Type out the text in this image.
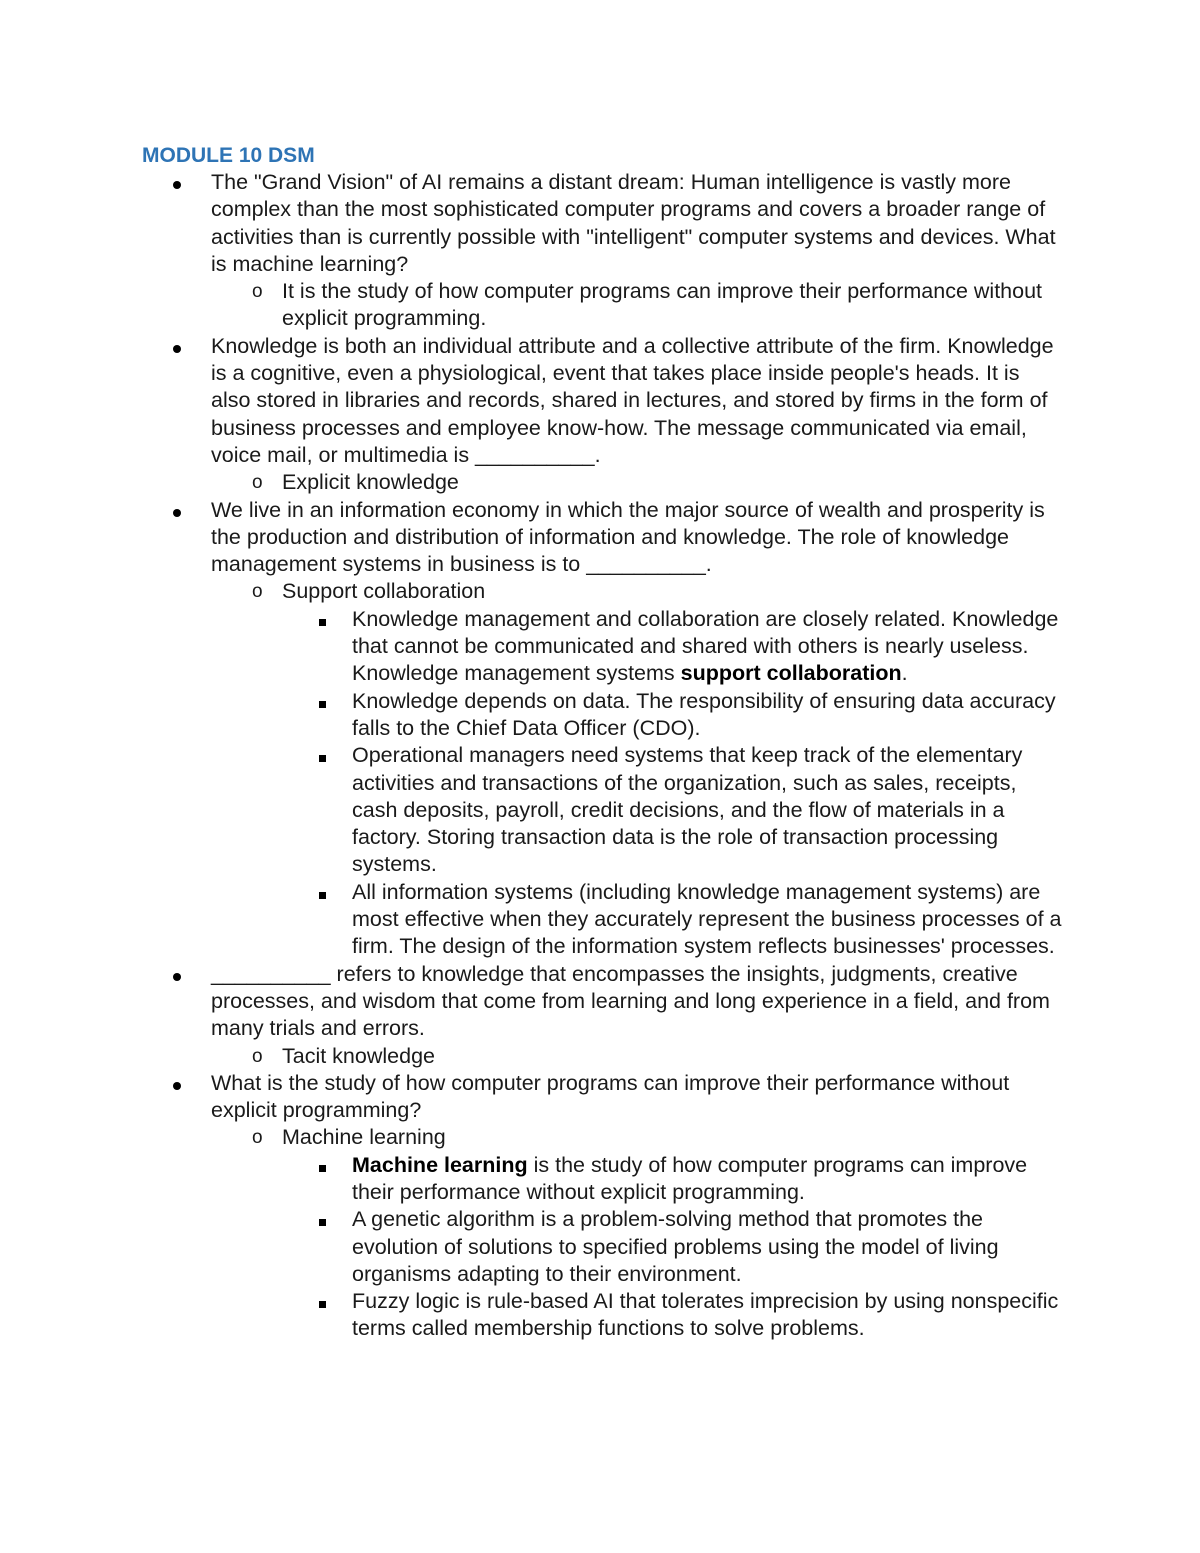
MODULE 10 DSM
The "Grand Vision" of AI remains a distant dream: Human intelligence is vastly more complex than the most sophisticated computer programs and covers a broader range of activities than is currently possible with "intelligent" computer systems and devices. What is machine learning?
o It is the study of how computer programs can improve their performance without explicit programming.
Knowledge is both an individual attribute and a collective attribute of the firm. Knowledge is a cognitive, even a physiological, event that takes place inside people's heads. It is also stored in libraries and records, shared in lectures, and stored by firms in the form of business processes and employee know-how. The message communicated via email, voice mail, or multimedia is __________.
o Explicit knowledge
We live in an information economy in which the major source of wealth and prosperity is the production and distribution of information and knowledge. The role of knowledge management systems in business is to __________.
o Support collaboration
Knowledge management and collaboration are closely related. Knowledge that cannot be communicated and shared with others is nearly useless. Knowledge management systems support collaboration.
Knowledge depends on data. The responsibility of ensuring data accuracy falls to the Chief Data Officer (CDO).
Operational managers need systems that keep track of the elementary activities and transactions of the organization, such as sales, receipts, cash deposits, payroll, credit decisions, and the flow of materials in a factory. Storing transaction data is the role of transaction processing systems.
All information systems (including knowledge management systems) are most effective when they accurately represent the business processes of a firm. The design of the information system reflects businesses' processes.
__________ refers to knowledge that encompasses the insights, judgments, creative processes, and wisdom that come from learning and long experience in a field, and from many trials and errors.
o Tacit knowledge
What is the study of how computer programs can improve their performance without explicit programming?
o Machine learning
Machine learning is the study of how computer programs can improve their performance without explicit programming.
A genetic algorithm is a problem-solving method that promotes the evolution of solutions to specified problems using the model of living organisms adapting to their environment.
Fuzzy logic is rule-based AI that tolerates imprecision by using nonspecific terms called membership functions to solve problems.
